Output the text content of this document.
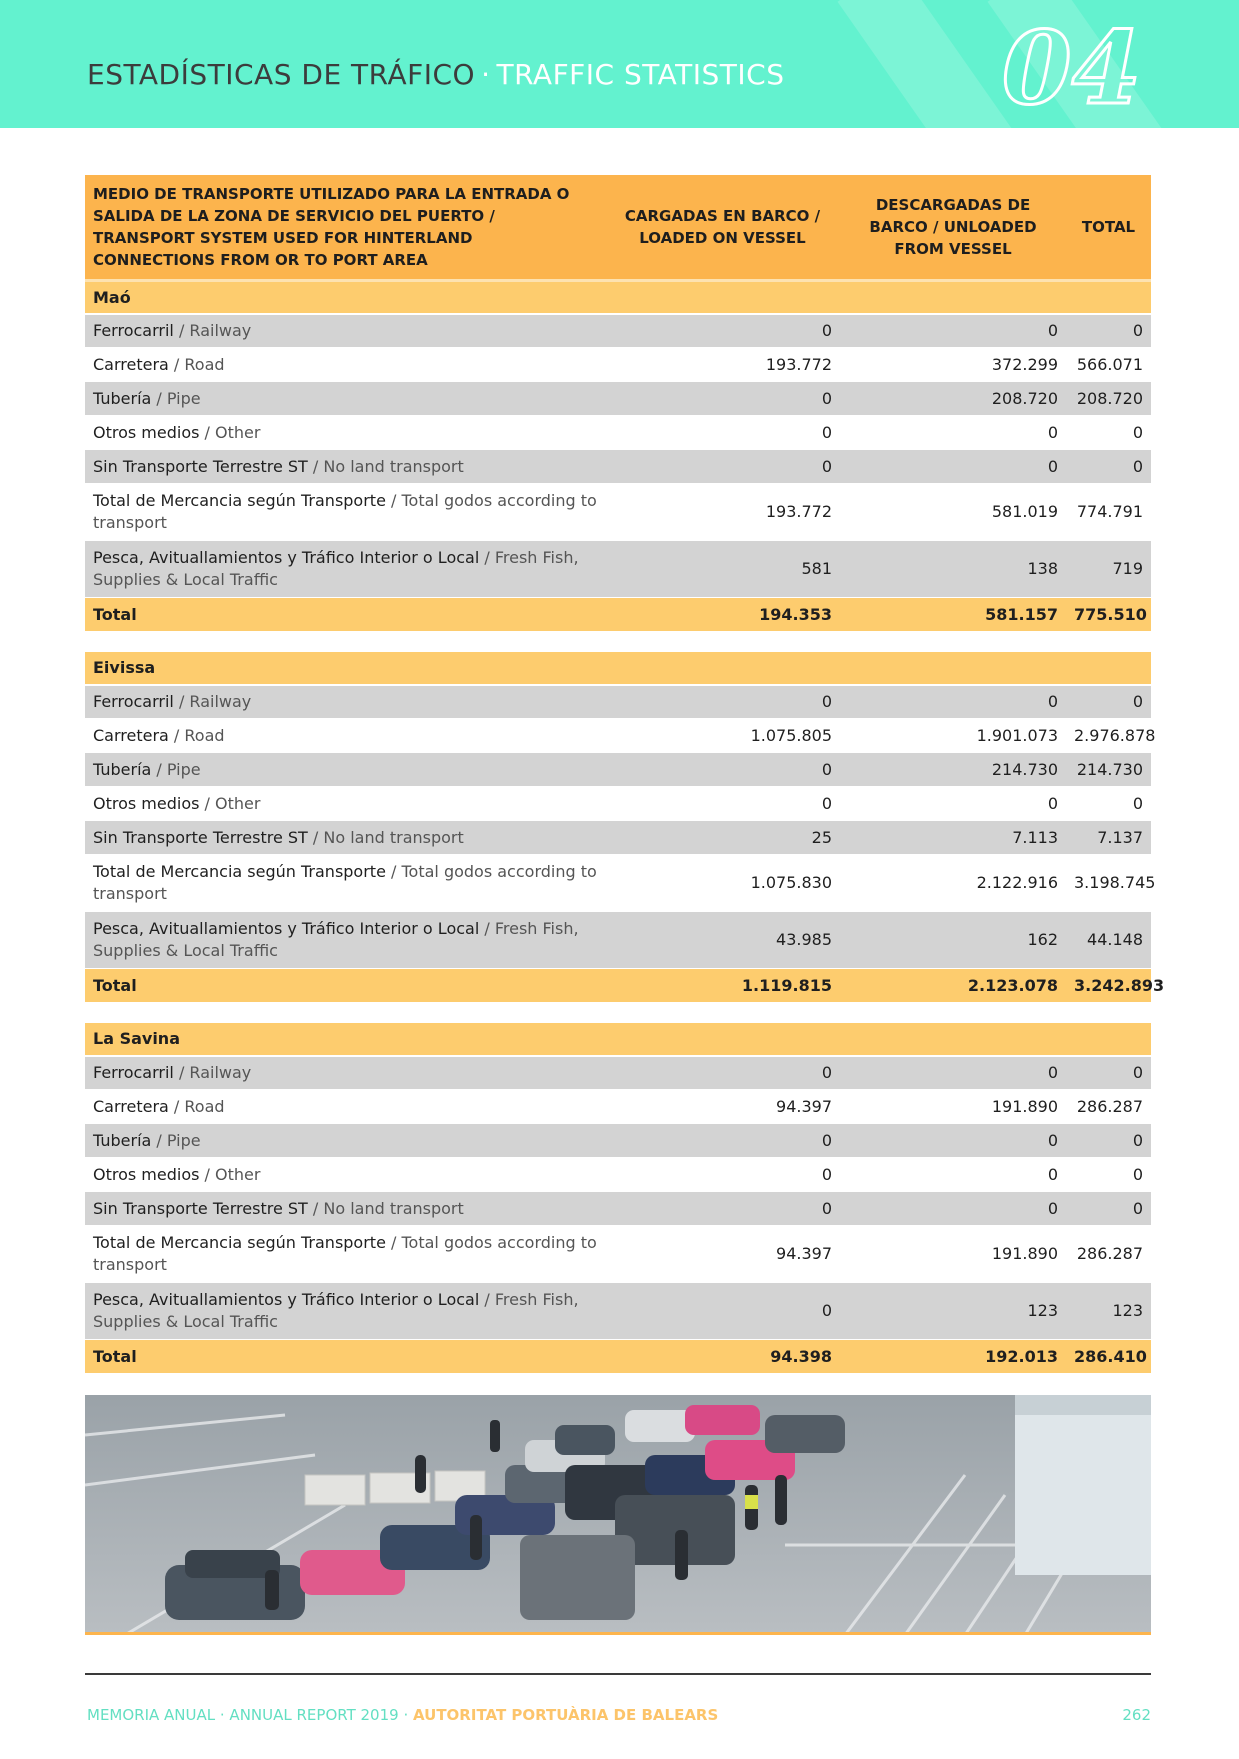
ESTADÍSTICAS DE TRÁFICO · TRAFFIC STATISTICS 04
MEDIO DE TRANSPORTE UTILIZADO PARA LA ENTRADA O SALIDA DE LA ZONA DE SERVICIO DEL PUERTO / TRANSPORT SYSTEM USED FOR HINTERLAND CONNECTIONS FROM OR TO PORT AREA	CARGADAS EN BARCO / LOADED ON VESSEL	DESCARGADAS DE BARCO / UNLOADED FROM VESSEL	TOTAL
Maó			
Ferrocarril / Railway	0	0	0
Carretera / Road	193.772	372.299	566.071
Tubería / Pipe	0	208.720	208.720
Otros medios / Other	0	0	0
Sin Transporte Terrestre ST / No land transport	0	0	0
Total de Mercancia según Transporte / Total godos according to transport	193.772	581.019	774.791
Pesca, Avituallamientos y Tráfico Interior o Local / Fresh Fish, Supplies & Local Traffic	581	138	719
Total	194.353	581.157	775.510

Eivissa			
Ferrocarril / Railway	0	0	0
Carretera / Road	1.075.805	1.901.073	2.976.878
Tubería / Pipe	0	214.730	214.730
Otros medios / Other	0	0	0
Sin Transporte Terrestre ST / No land transport	25	7.113	7.137
Total de Mercancia según Transporte / Total godos according to transport	1.075.830	2.122.916	3.198.745
Pesca, Avituallamientos y Tráfico Interior o Local / Fresh Fish, Supplies & Local Traffic	43.985	162	44.148
Total	1.119.815	2.123.078	3.242.893

La Savina			
Ferrocarril / Railway	0	0	0
Carretera / Road	94.397	191.890	286.287
Tubería / Pipe	0	0	0
Otros medios / Other	0	0	0
Sin Transporte Terrestre ST / No land transport	0	0	0
Total de Mercancia según Transporte / Total godos according to transport	94.397	191.890	286.287
Pesca, Avituallamientos y Tráfico Interior o Local / Fresh Fish, Supplies & Local Traffic	0	123	123
Total	94.398	192.013	286.410
MEMORIA ANUAL · ANNUAL REPORT 2019 · AUTORITAT PORTUÀRIA DE BALEARS	262
